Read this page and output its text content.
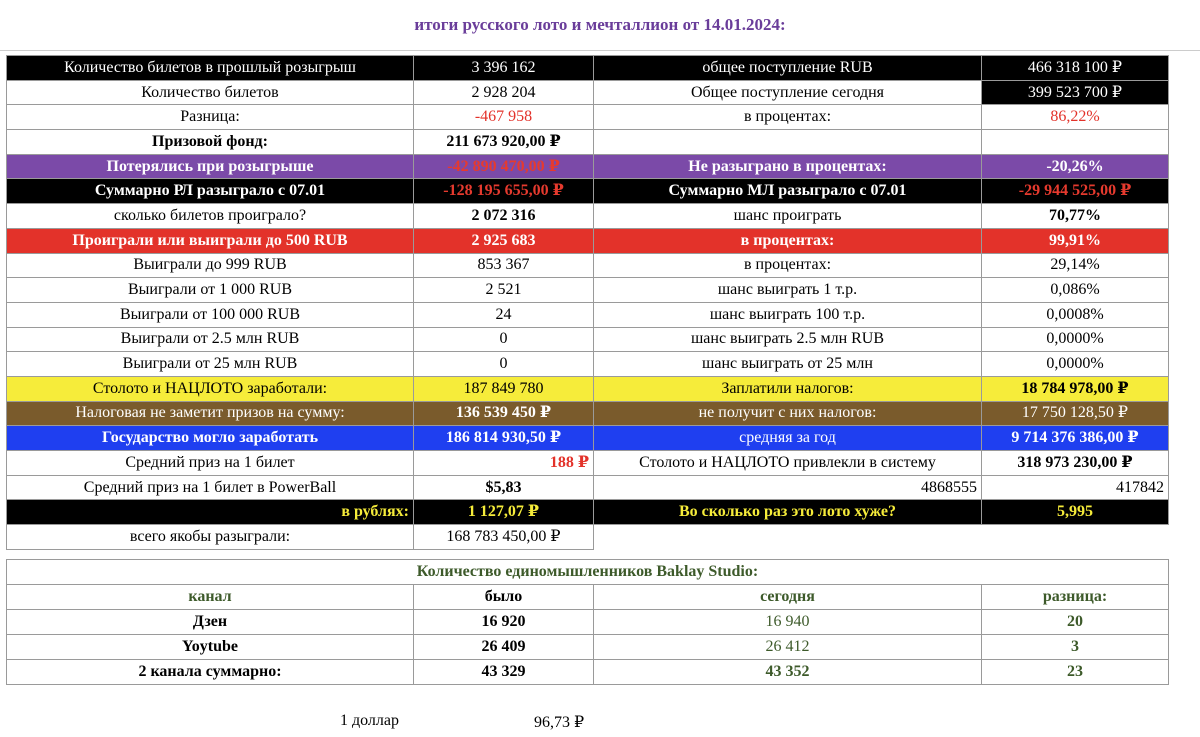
итоги русского лото и мечталлион от 14.01.2024:
Количество билетов в прошлый розыгрыш	3 396 162	общее поступление RUB	466 318 100 ₽
Количество билетов	2 928 204	Общее поступление сегодня	399 523 700 ₽
Разница:	-467 958	в процентах:	86,22%
Призовой фонд:	211 673 920,00 ₽		
Потерялись при розыгрыше	-42 890 470,00 ₽	Не разыграно в процентах:	-20,26%
Суммарно РЛ разыграло с 07.01	-128 195 655,00 ₽	Суммарно МЛ разыграло с 07.01	-29 944 525,00 ₽
сколько билетов проиграло?	2 072 316	шанс проиграть	70,77%
Проиграли или выиграли до 500 RUB	2 925 683	в процентах:	99,91%
Выиграли до 999 RUB	853 367	в процентах:	29,14%
Выиграли от 1 000 RUB	2 521	шанс выиграть 1 т.р.	0,086%
Выиграли от 100 000 RUB	24	шанс выиграть 100 т.р.	0,0008%
Выиграли от 2.5 млн RUB	0	шанс выиграть 2.5 млн RUB	0,0000%
Выиграли от 25 млн RUB	0	шанс выиграть от 25 млн	0,0000%
Столото и НАЦЛОТО заработали:	187 849 780	Заплатили налогов:	18 784 978,00 ₽
Налоговая не заметит призов на сумму:	136 539 450 ₽	не получит с них налогов:	17 750 128,50 ₽
Государство могло заработать	186 814 930,50 ₽	средняя за год	9 714 376 386,00 ₽
Средний приз на 1 билет	188 ₽	Столото и НАЦЛОТО привлекли в систему	318 973 230,00 ₽
Средний приз на 1 билет в PowerBall	$5,83	4868555	417842
в рублях:	1 127,07 ₽	Во сколько раз это лото хуже?	5,995
всего якобы разыграли:	168 783 450,00 ₽		
Количество единомышленников Baklay Studio:			
канал	было	сегодня	разница:
Дзен	16 920	16 940	20
Yoytube	26 409	26 412	3
2 канала суммарно:	43 329	43 352	23
1 доллар	96,73 ₽
